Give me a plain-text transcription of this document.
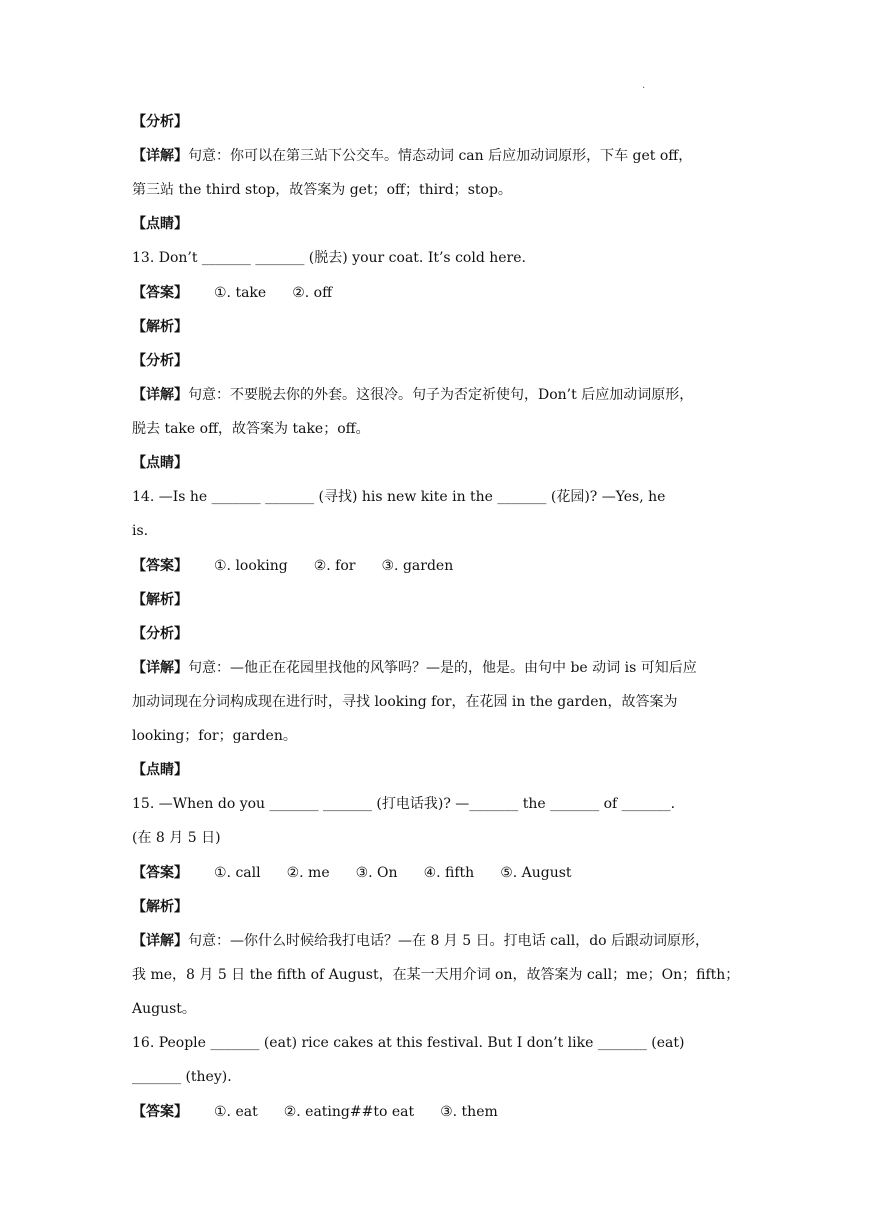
.
【分析】
【详解】句意：你可以在第三站下公交车。情态动词 can 后应加动词原形，下车 get off，
第三站 the third stop，故答案为 get；off；third；stop。
【点睛】
13. Don’t _______ _______ (脱去) your coat. It’s cold here.
【答案】 ①. take ②. off
【解析】
【分析】
【详解】句意：不要脱去你的外套。这很冷。句子为否定祈使句，Don’t 后应加动词原形，
脱去 take off，故答案为 take；off。
【点睛】
14. —Is he _______ _______ (寻找) his new kite in the _______ (花园)? —Yes, he
is.
【答案】 ①. looking ②. for ③. garden
【解析】
【分析】
【详解】句意：—他正在花园里找他的风筝吗？—是的，他是。由句中 be 动词 is 可知后应
加动词现在分词构成现在进行时，寻找 looking for，在花园 in the garden，故答案为
looking；for；garden。
【点睛】
15. —When do you _______ _______ (打电话我)? —_______ the _______ of _______.
(在 8 月 5 日)
【答案】 ①. call ②. me ③. On ④. fifth ⑤. August
【解析】
【详解】句意：—你什么时候给我打电话？—在 8 月 5 日。打电话 call，do 后跟动词原形，
我 me，8 月 5 日 the fifth of August，在某一天用介词 on，故答案为 call；me；On；fifth；
August。
16. People _______ (eat) rice cakes at this festival. But I don’t like _______ (eat)
_______ (they).
【答案】 ①. eat ②. eating##to eat ③. them
